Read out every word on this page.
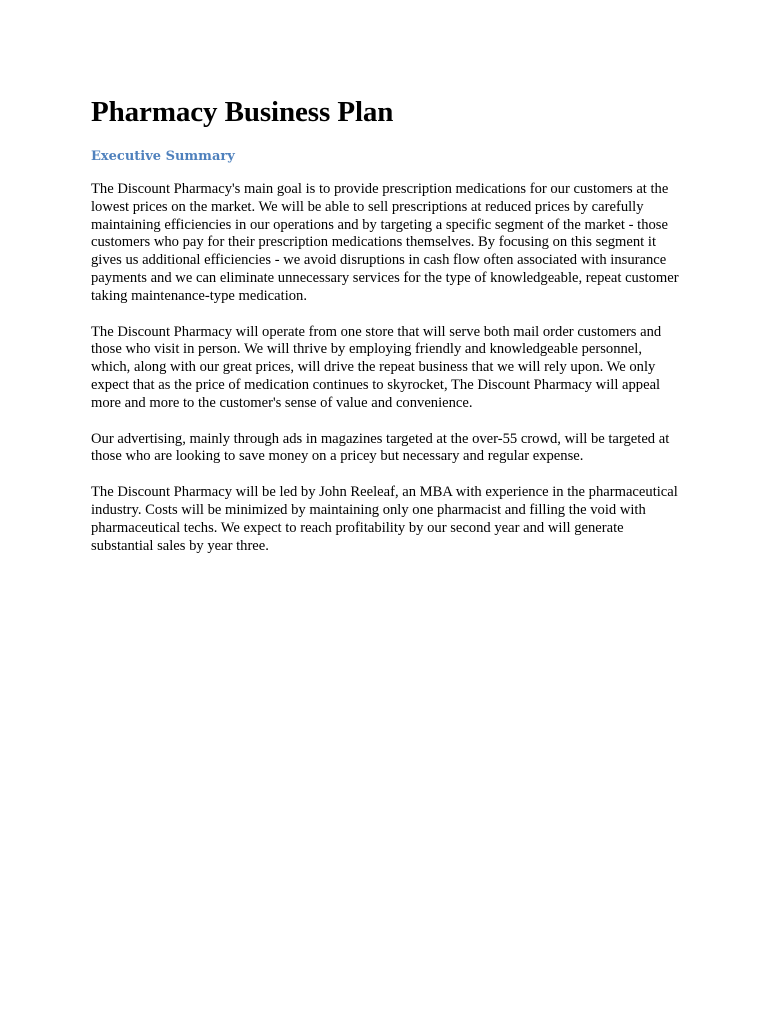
Pharmacy Business Plan
Executive Summary

The Discount Pharmacy's main goal is to provide prescription medications for our customers at the lowest prices on the market. We will be able to sell prescriptions at reduced prices by carefully maintaining efficiencies in our operations and by targeting a specific segment of the market - those customers who pay for their prescription medications themselves. By focusing on this segment it gives us additional efficiencies - we avoid disruptions in cash flow often associated with insurance payments and we can eliminate unnecessary services for the type of knowledgeable, repeat customer taking maintenance-type medication.

The Discount Pharmacy will operate from one store that will serve both mail order customers and those who visit in person. We will thrive by employing friendly and knowledgeable personnel, which, along with our great prices, will drive the repeat business that we will rely upon. We only expect that as the price of medication continues to skyrocket, The Discount Pharmacy will appeal more and more to the customer's sense of value and convenience.

Our advertising, mainly through ads in magazines targeted at the over-55 crowd, will be targeted at those who are looking to save money on a pricey but necessary and regular expense.

The Discount Pharmacy will be led by John Reeleaf, an MBA with experience in the pharmaceutical industry. Costs will be minimized by maintaining only one pharmacist and filling the void with pharmaceutical techs. We expect to reach profitability by our second year and will generate substantial sales by year three.
